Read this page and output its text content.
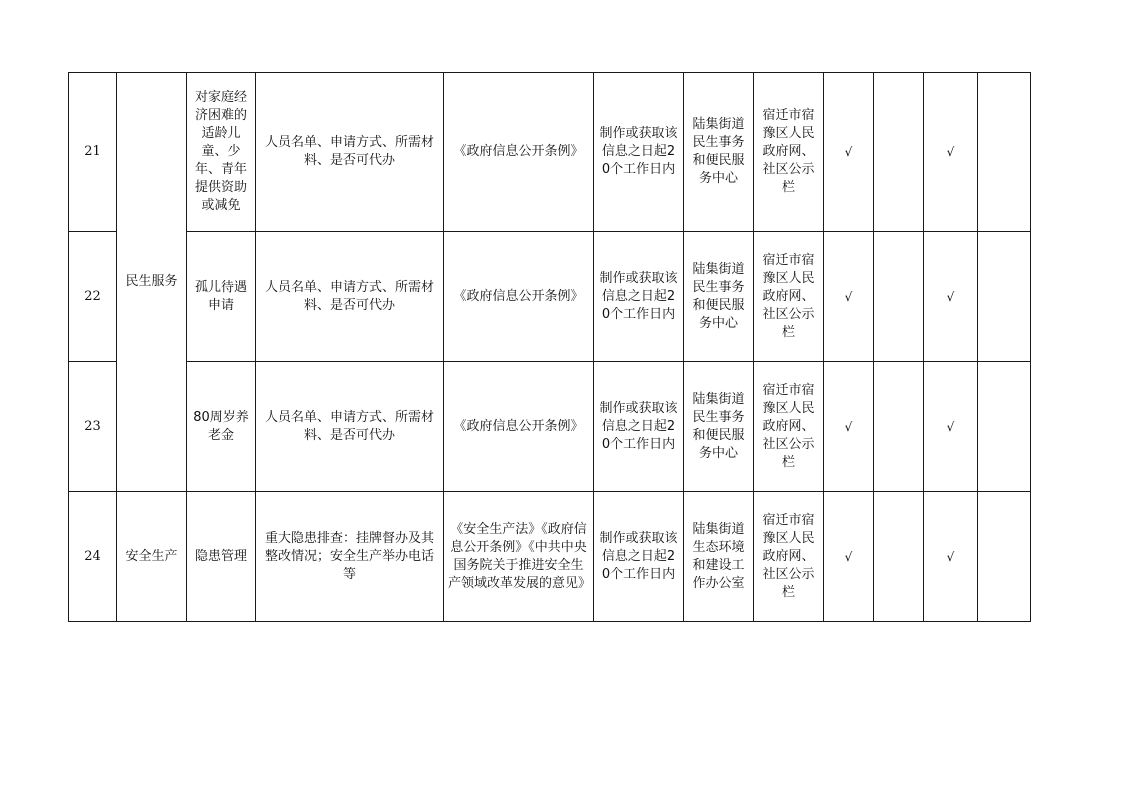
21	民生服务	对家庭经济困难的适龄儿童、少年、青年提供资助或减免	人员名单、申请方式、所需材料、是否可代办	《政府信息公开条例》	制作或获取该信息之日起20个工作日内	陆集街道民生事务和便民服务中心	宿迁市宿豫区人民政府网、社区公示栏	√		√	
22		孤儿待遇申请	人员名单、申请方式、所需材料、是否可代办	《政府信息公开条例》	制作或获取该信息之日起20个工作日内	陆集街道民生事务和便民服务中心	宿迁市宿豫区人民政府网、社区公示栏	√		√	
23		80周岁养老金	人员名单、申请方式、所需材料、是否可代办	《政府信息公开条例》	制作或获取该信息之日起20个工作日内	陆集街道民生事务和便民服务中心	宿迁市宿豫区人民政府网、社区公示栏	√		√	
24	安全生产	隐患管理	重大隐患排查：挂牌督办及其整改情况；安全生产举办电话等	《安全生产法》《政府信息公开条例》《中共中央 国务院关于推进安全生产领域改革发展的意见》	制作或获取该信息之日起20个工作日内	陆集街道生态环境和建设工作办公室	宿迁市宿豫区人民政府网、社区公示栏	√		√	
